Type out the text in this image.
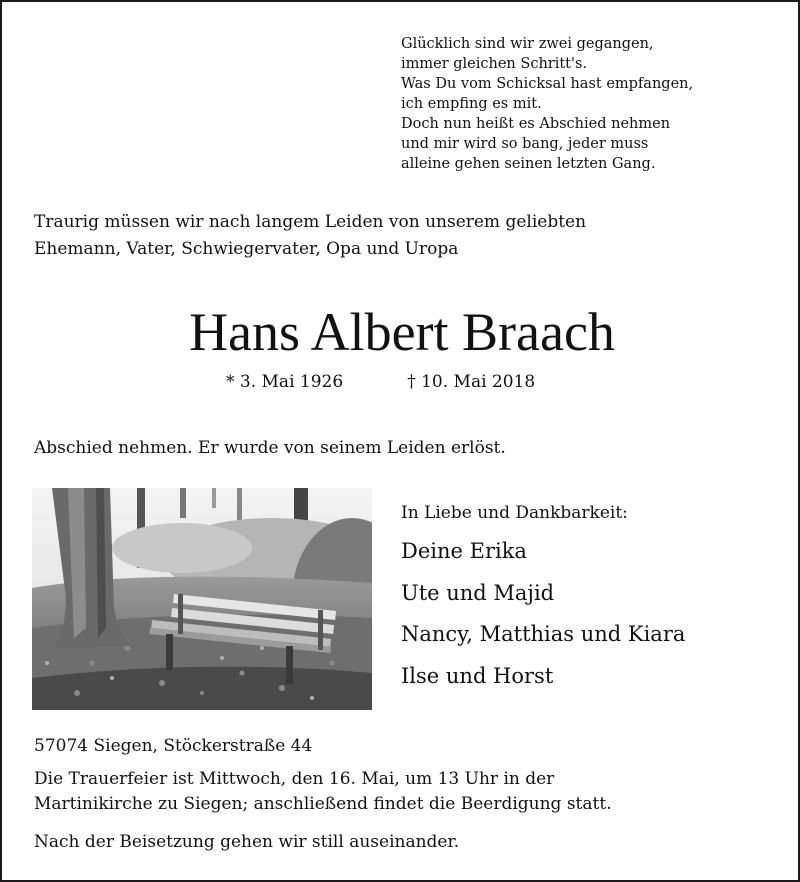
Glücklich sind wir zwei gegangen,
immer gleichen Schritt's.
Was Du vom Schicksal hast empfangen,
ich empfing es mit.
Doch nun heißt es Abschied nehmen
und mir wird so bang, jeder muss
alleine gehen seinen letzten Gang.
Traurig müssen wir nach langem Leiden von unserem geliebten
Ehemann, Vater, Schwiegervater, Opa und Uropa
Hans Albert Braach
* 3. Mai 1926	† 10. Mai 2018
Abschied nehmen. Er wurde von seinem Leiden erlöst.
In Liebe und Dankbarkeit:
Deine Erika
Ute und Majid
Nancy, Matthias und Kiara
Ilse und Horst
57074 Siegen, Stöckerstraße 44
Die Trauerfeier ist Mittwoch, den 16. Mai, um 13 Uhr in der
Martinikirche zu Siegen; anschließend findet die Beerdigung statt.
Nach der Beisetzung gehen wir still auseinander.
